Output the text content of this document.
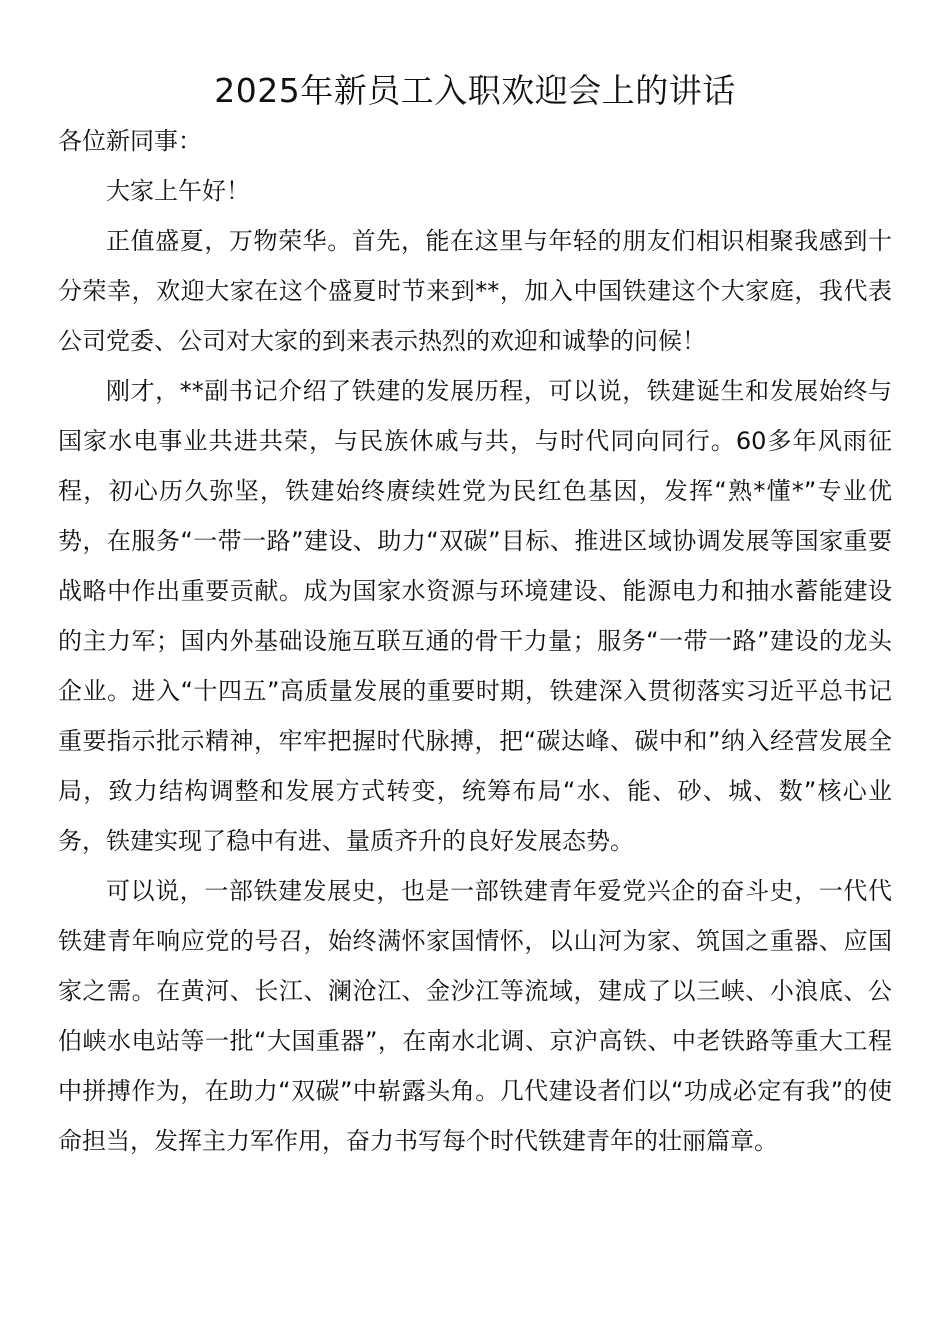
2025年新员工入职欢迎会上的讲话

各位新同事：

大家上午好！

正值盛夏，万物荣华。首先，能在这里与年轻的朋友们相识相聚我感到十分荣幸，欢迎大家在这个盛夏时节来到**，加入中国铁建这个大家庭，我代表公司党委、公司对大家的到来表示热烈的欢迎和诚挚的问候！

刚才，**副书记介绍了铁建的发展历程，可以说，铁建诞生和发展始终与国家水电事业共进共荣，与民族休戚与共，与时代同向同行。60多年风雨征程，初心历久弥坚，铁建始终赓续姓党为民红色基因，发挥“熟*懂*”专业优势，在服务“一带一路”建设、助力“双碳”目标、推进区域协调发展等国家重要战略中作出重要贡献。成为国家水资源与环境建设、能源电力和抽水蓄能建设的主力军；国内外基础设施互联互通的骨干力量；服务“一带一路”建设的龙头企业。进入“十四五”高质量发展的重要时期，铁建深入贯彻落实习近平总书记重要指示批示精神，牢牢把握时代脉搏，把“碳达峰、碳中和”纳入经营发展全局，致力结构调整和发展方式转变，统筹布局“水、能、砂、城、数”核心业务，铁建实现了稳中有进、量质齐升的良好发展态势。

可以说，一部铁建发展史，也是一部铁建青年爱党兴企的奋斗史，一代代铁建青年响应党的号召，始终满怀家国情怀，以山河为家、筑国之重器、应国家之需。在黄河、长江、澜沧江、金沙江等流域，建成了以三峡、小浪底、公伯峡水电站等一批“大国重器”，在南水北调、京沪高铁、中老铁路等重大工程中拼搏作为，在助力“双碳”中崭露头角。几代建设者们以“功成必定有我”的使命担当，发挥主力军作用，奋力书写每个时代铁建青年的壮丽篇章。
